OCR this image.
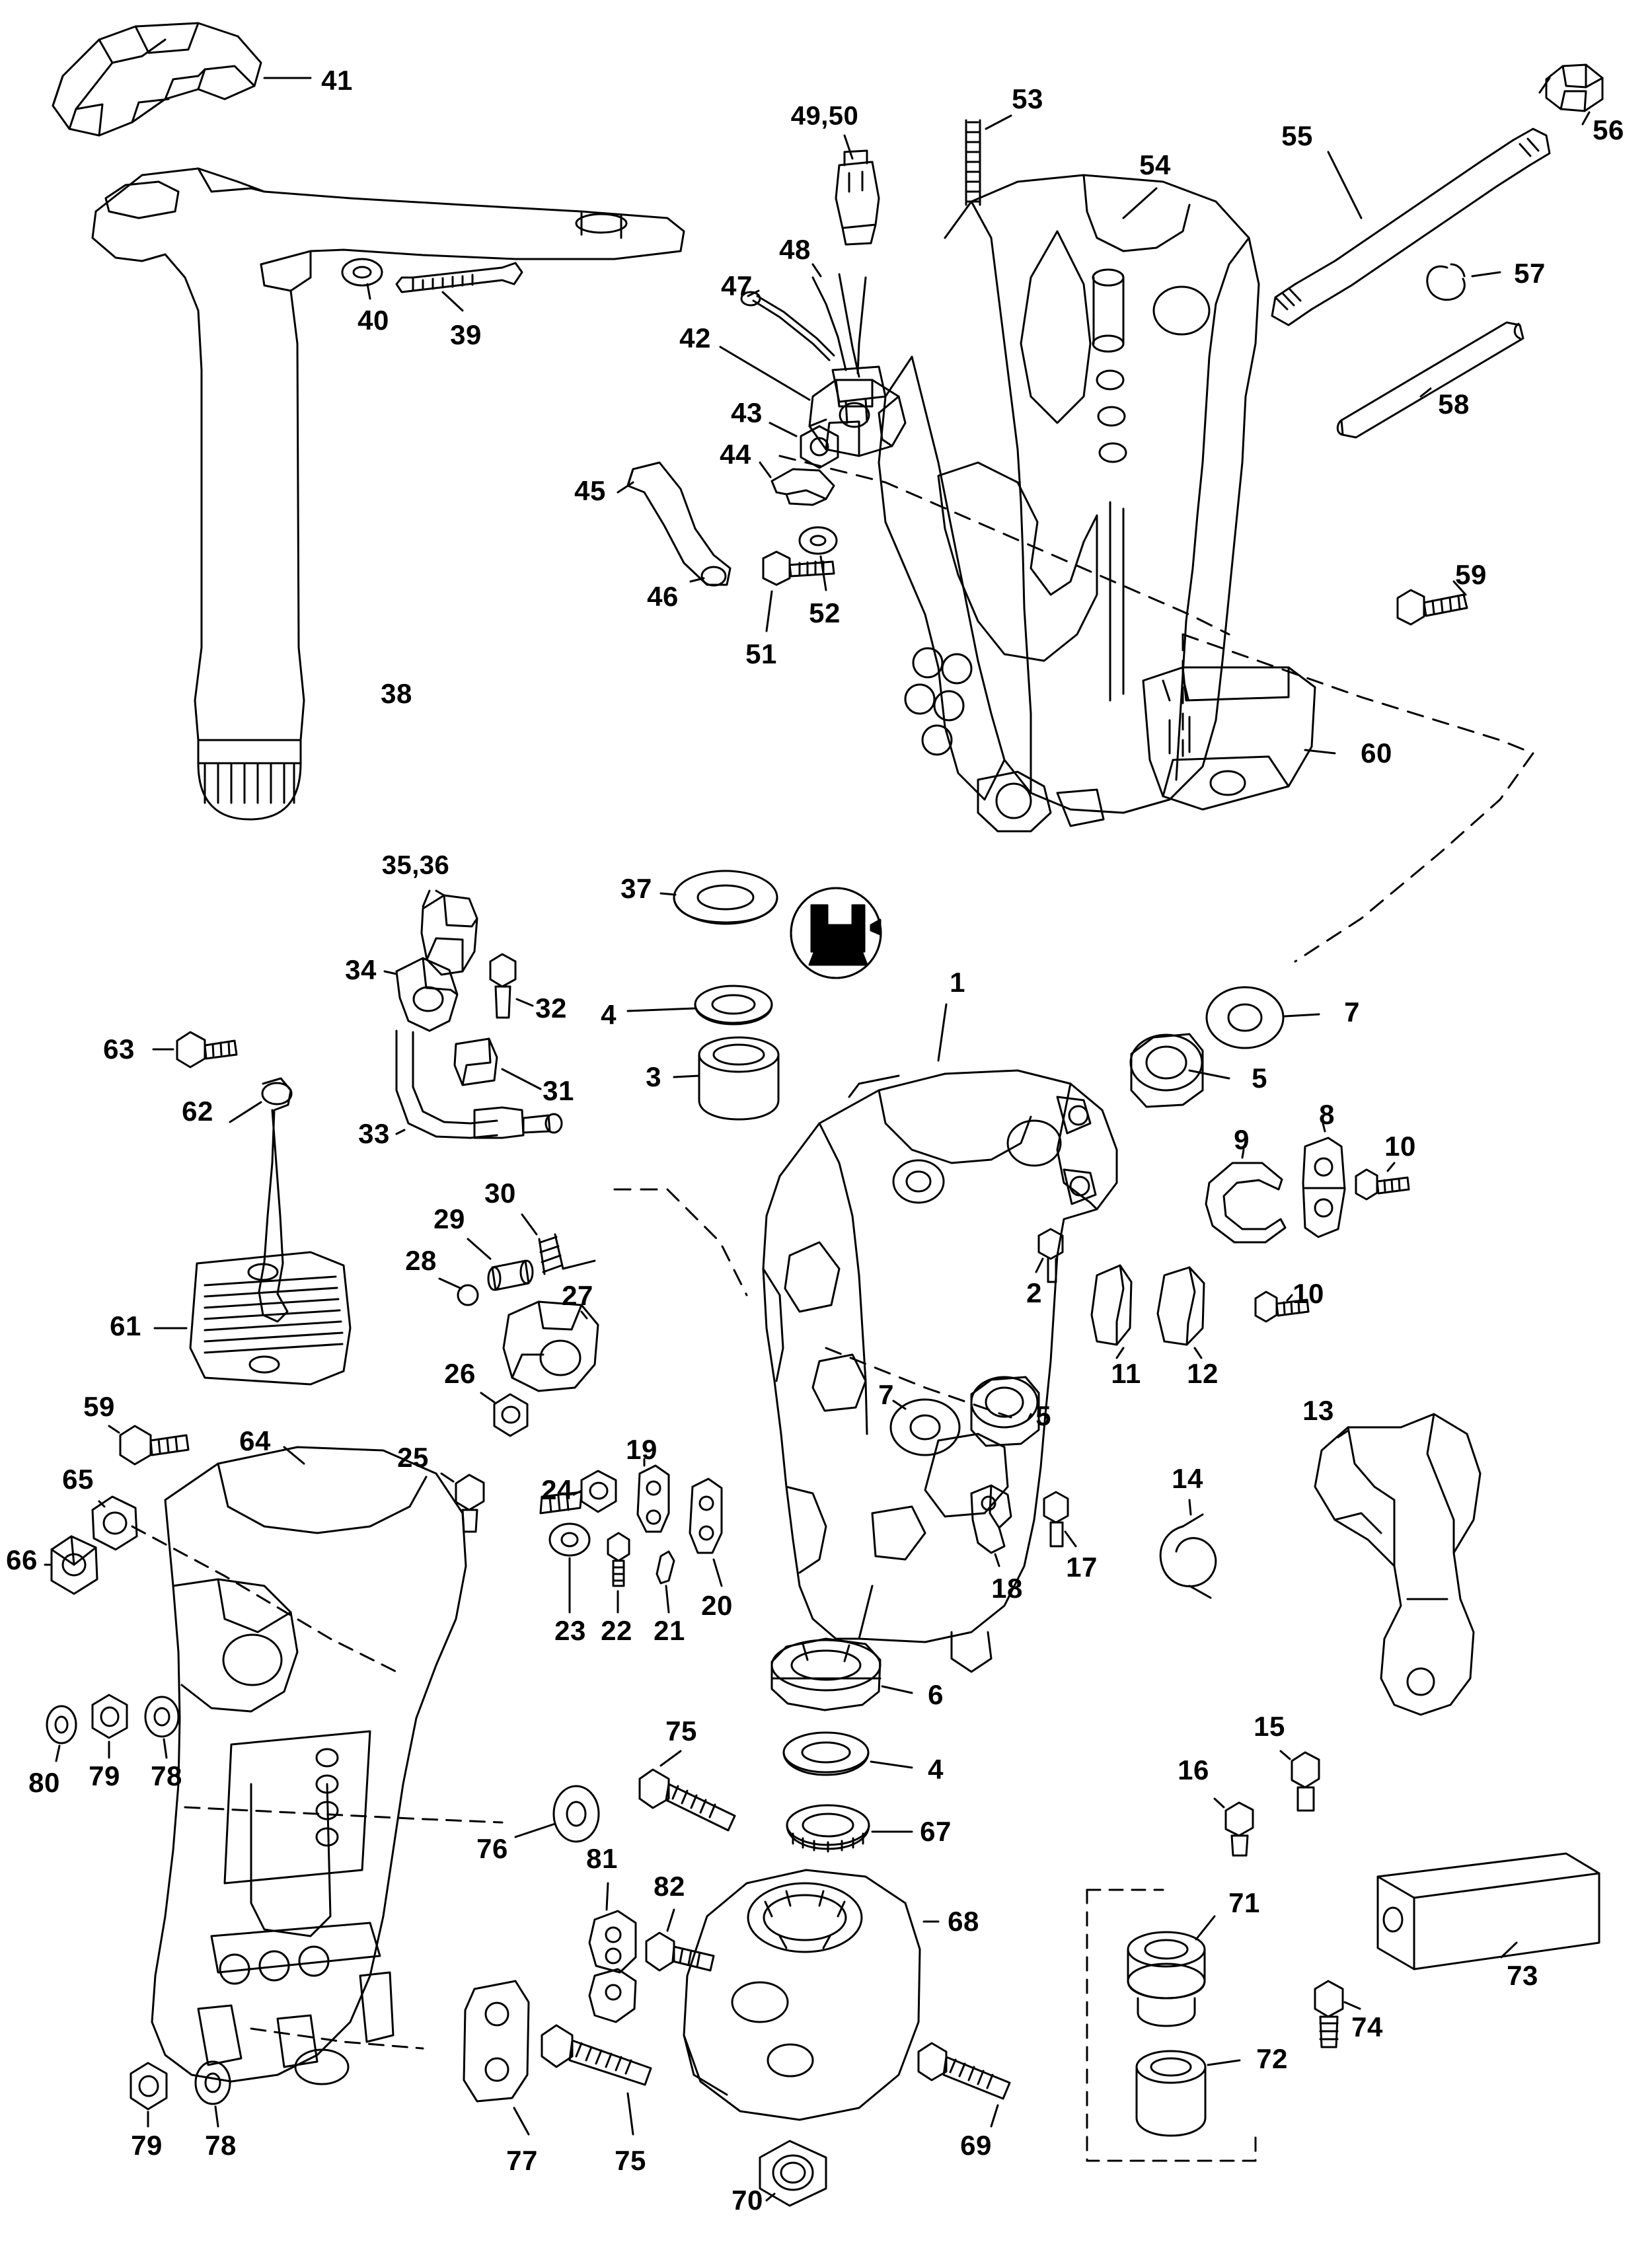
41
49,50
53
54
55	56
48
47	57
42
40 39
58
43
44
45
46
52
51
59
60
38
35,36
37
34	1
32	7
4
63
31	3	5
62
33
8
9	10
30
29
28
2	10
27
61
7
5
11 12
13
26
59
64
25	19
24	14
65
66
18
17
23 22 21
20
15
16
6
80 79 78	4
75
67
76	81
82
68
71
73
74
72
79 78	77	75	69
70
